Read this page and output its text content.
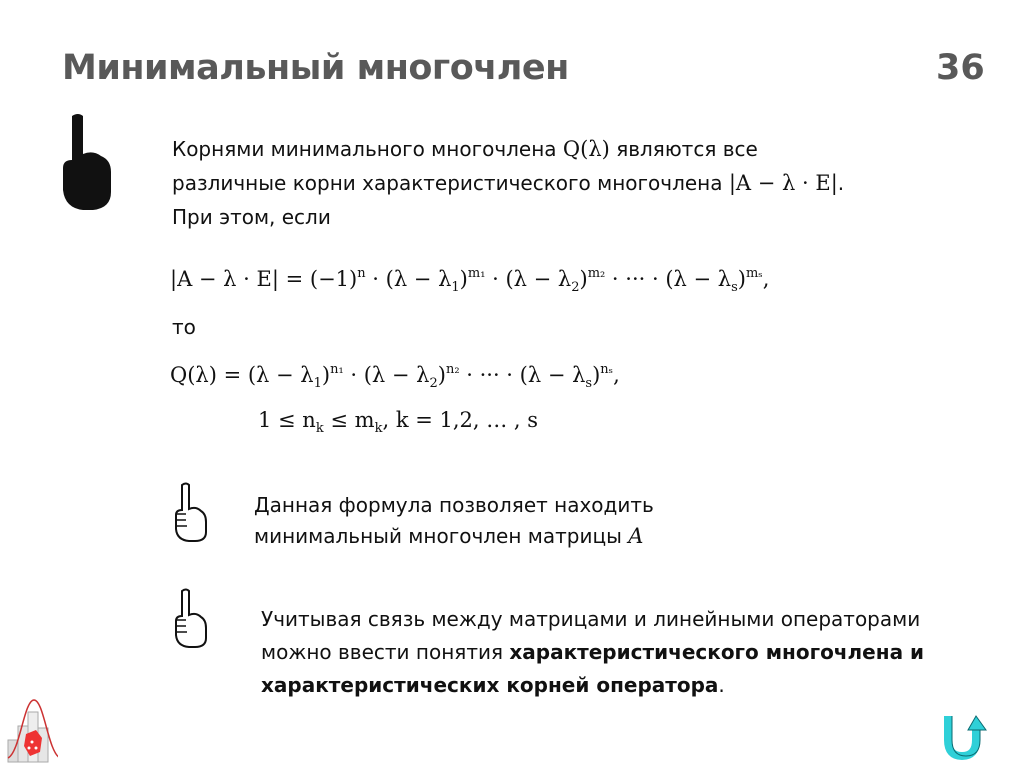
Минимальный многочлен	36
Корнями минимального многочлена Q(λ) являются все
различные корни характеристического многочлена |A − λ · E|.
При этом, если
$|A - \lambda \cdot E| = (-1)^n \cdot (\lambda - \lambda_1)^{m_1} \cdot (\lambda - \lambda_2)^{m_2}$ · ··· · $(\lambda - \lambda_s)^{m_s}$,
то
$Q(\lambda) = (\lambda - \lambda_1)^{n_1} \cdot (\lambda - \lambda_2)^{n_2}$ · ··· · $(\lambda - \lambda_s)^{n_s}$,
$1 \le n_k \le m_k$, k = 1,2, … , s
Данная формула позволяет находить
минимальный многочлен матрицы A
Учитывая связь между матрицами и линейными операторами
можно ввести понятия характеристического многочлена и
характеристических корней оператора.
